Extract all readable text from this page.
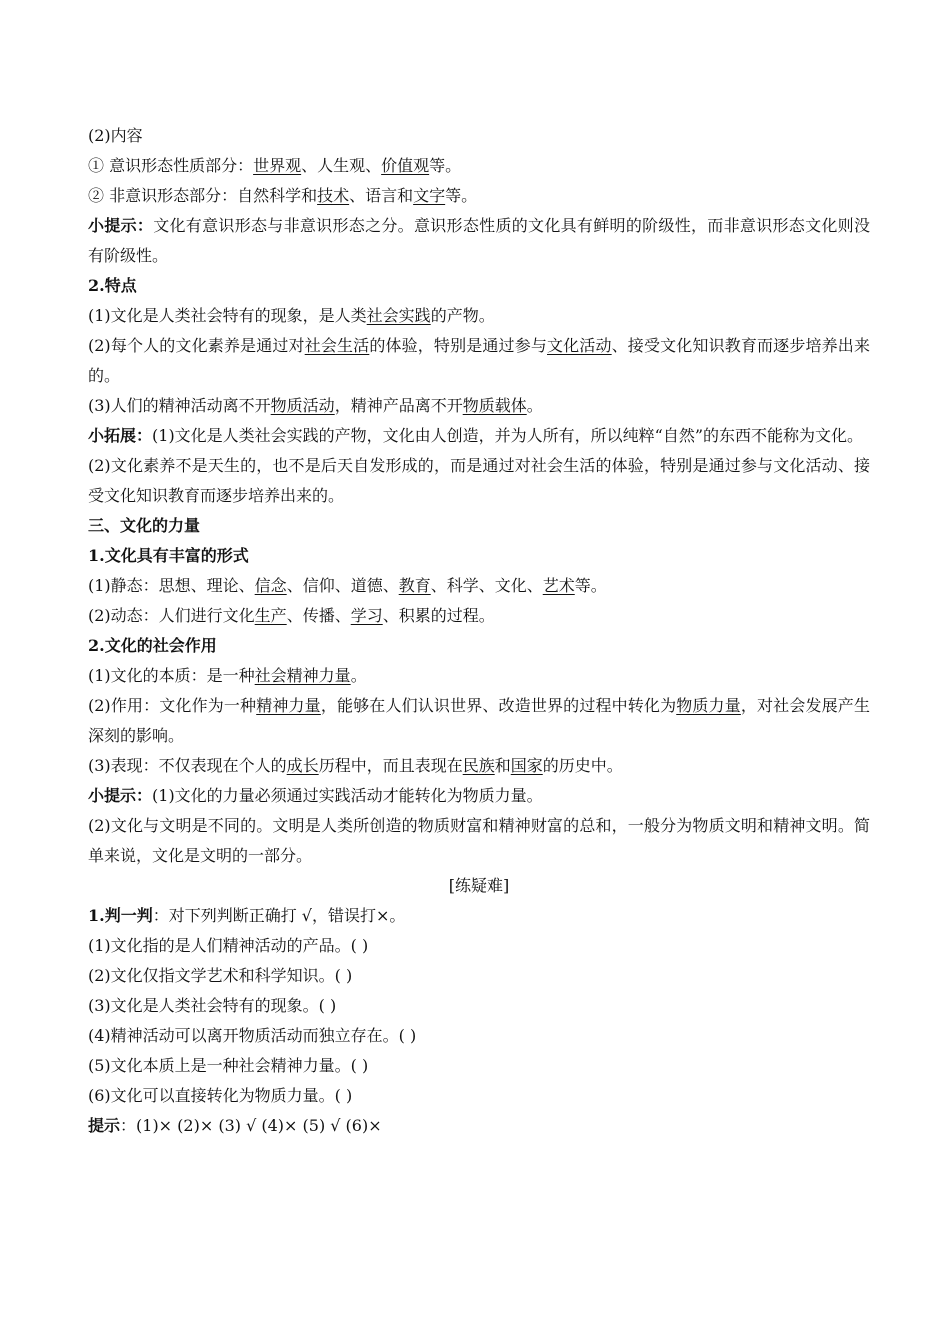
(2)内容

① 意识形态性质部分：世界观、人生观、价值观等。

② 非意识形态部分：自然科学和技术、语言和文字等。

小提示：文化有意识形态与非意识形态之分。意识形态性质的文化具有鲜明的阶级性，而非意识形态文化则没有阶级性。

2.特点

(1)文化是人类社会特有的现象，是人类社会实践的产物。

(2)每个人的文化素养是通过对社会生活的体验，特别是通过参与文化活动、接受文化知识教育而逐步培养出来的。

(3)人们的精神活动离不开物质活动，精神产品离不开物质载体。

小拓展：(1)文化是人类社会实践的产物，文化由人创造，并为人所有，所以纯粹“自然”的东西不能称为文化。

(2)文化素养不是天生的，也不是后天自发形成的，而是通过对社会生活的体验，特别是通过参与文化活动、接受文化知识教育而逐步培养出来的。

三、文化的力量

1.文化具有丰富的形式

(1)静态：思想、理论、信念、信仰、道德、教育、科学、文化、艺术等。

(2)动态：人们进行文化生产、传播、学习、积累的过程。

2.文化的社会作用

(1)文化的本质：是一种社会精神力量。

(2)作用：文化作为一种精神力量，能够在人们认识世界、改造世界的过程中转化为物质力量，对社会发展产生深刻的影响。

(3)表现：不仅表现在个人的成长历程中，而且表现在民族和国家的历史中。

小提示：(1)文化的力量必须通过实践活动才能转化为物质力量。

(2)文化与文明是不同的。文明是人类所创造的物质财富和精神财富的总和，一般分为物质文明和精神文明。简单来说，文化是文明的一部分。

[练疑难]

1.判一判：对下列判断正确打 √，错误打×。

(1)文化指的是人们精神活动的产品。( )

(2)文化仅指文学艺术和科学知识。( )

(3)文化是人类社会特有的现象。( )

(4)精神活动可以离开物质活动而独立存在。( )

(5)文化本质上是一种社会精神力量。( )

(6)文化可以直接转化为物质力量。( )

提示：(1)× (2)× (3) √ (4)× (5) √ (6)×
